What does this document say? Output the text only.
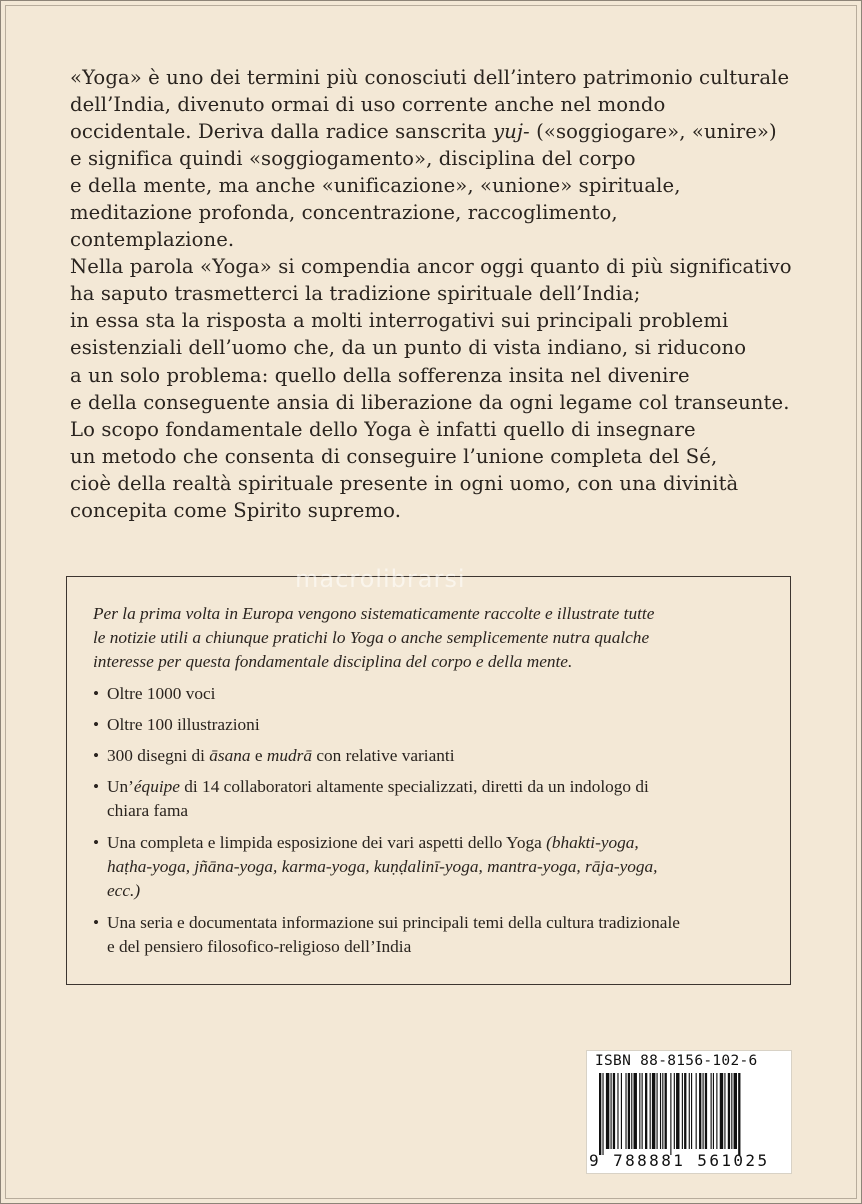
«Yoga» è uno dei termini più conosciuti dell’intero patrimonio culturale
dell’India, divenuto ormai di uso corrente anche nel mondo
occidentale. Deriva dalla radice sanscrita yuj- («soggiogare», «unire»)
e significa quindi «soggiogamento», disciplina del corpo
e della mente, ma anche «unificazione», «unione» spirituale,
meditazione profonda, concentrazione, raccoglimento,
contemplazione.
Nella parola «Yoga» si compendia ancor oggi quanto di più significativo
ha saputo trasmetterci la tradizione spirituale dell’India;
in essa sta la risposta a molti interrogativi sui principali problemi
esistenziali dell’uomo che, da un punto di vista indiano, si riducono
a un solo problema: quello della sofferenza insita nel divenire
e della conseguente ansia di liberazione da ogni legame col transeunte.
Lo scopo fondamentale dello Yoga è infatti quello di insegnare
un metodo che consenta di conseguire l’unione completa del Sé,
cioè della realtà spirituale presente in ogni uomo, con una divinità
concepita come Spirito supremo.
macrolibrarsi
Per la prima volta in Europa vengono sistematicamente raccolte e illustrate tutte
le notizie utili a chiunque pratichi lo Yoga o anche semplicemente nutra qualche
interesse per questa fondamentale disciplina del corpo e della mente.
• Oltre 1000 voci
• Oltre 100 illustrazioni
• 300 disegni di āsana e mudrā con relative varianti
• Un’équipe di 14 collaboratori altamente specializzati, diretti da un indologo di
chiara fama
• Una completa e limpida esposizione dei vari aspetti dello Yoga (bhakti-yoga,
haṭha-yoga, jñāna-yoga, karma-yoga, kuṇḍalinī-yoga, mantra-yoga, rāja-yoga,
ecc.)
• Una seria e documentata informazione sui principali temi della cultura tradizionale
e del pensiero filosofico-religioso dell’India
ISBN 88-8156-102-6
9 788881 561025
